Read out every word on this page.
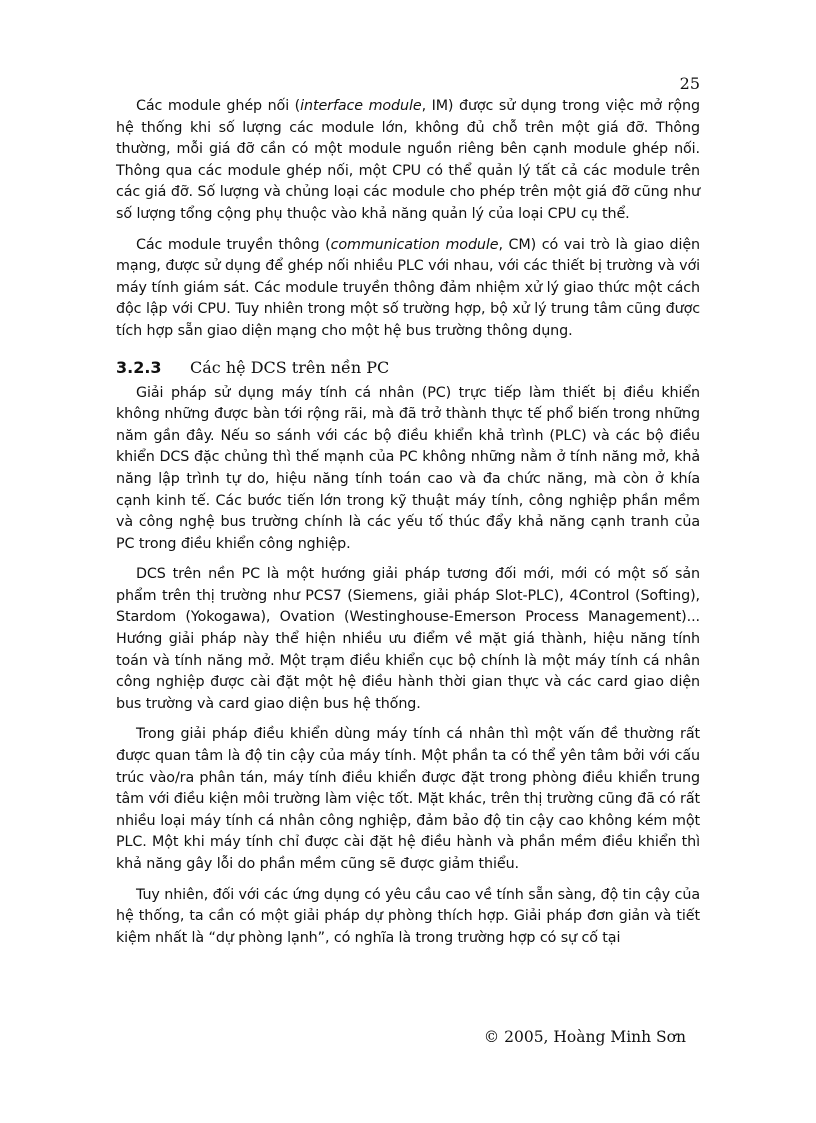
25

Các module ghép nối (interface module, IM) được sử dụng trong việc mở rộng hệ thống khi số lượng các module lớn, không đủ chỗ trên một giá đỡ. Thông thường, mỗi giá đỡ cần có một module nguồn riêng bên cạnh module ghép nối. Thông qua các module ghép nối, một CPU có thể quản lý tất cả các module trên các giá đỡ. Số lượng và chủng loại các module cho phép trên một giá đỡ cũng như số lượng tổng cộng phụ thuộc vào khả năng quản lý của loại CPU cụ thể.

Các module truyền thông (communication module, CM) có vai trò là giao diện mạng, được sử dụng để ghép nối nhiều PLC với nhau, với các thiết bị trường và với máy tính giám sát. Các module truyền thông đảm nhiệm xử lý giao thức một cách độc lập với CPU. Tuy nhiên trong một số trường hợp, bộ xử lý trung tâm cũng được tích hợp sẵn giao diện mạng cho một hệ bus trường thông dụng.

3.2.3	Các hệ DCS trên nền PC

Giải pháp sử dụng máy tính cá nhân (PC) trực tiếp làm thiết bị điều khiển không những được bàn tới rộng rãi, mà đã trở thành thực tế phổ biến trong những năm gần đây. Nếu so sánh với các bộ điều khiển khả trình (PLC) và các bộ điều khiển DCS đặc chủng thì thế mạnh của PC không những nằm ở tính năng mở, khả năng lập trình tự do, hiệu năng tính toán cao và đa chức năng, mà còn ở khía cạnh kinh tế. Các bước tiến lớn trong kỹ thuật máy tính, công nghiệp phần mềm và công nghệ bus trường chính là các yếu tố thúc đẩy khả năng cạnh tranh của PC trong điều khiển công nghiệp.

DCS trên nền PC là một hướng giải pháp tương đối mới, mới có một số sản phẩm trên thị trường như PCS7 (Siemens, giải pháp Slot-PLC), 4Control (Softing), Stardom (Yokogawa), Ovation (Westinghouse-Emerson Process Management)... Hướng giải pháp này thể hiện nhiều ưu điểm về mặt giá thành, hiệu năng tính toán và tính năng mở. Một trạm điều khiển cục bộ chính là một máy tính cá nhân công nghiệp được cài đặt một hệ điều hành thời gian thực và các card giao diện bus trường và card giao diện bus hệ thống.

Trong giải pháp điều khiển dùng máy tính cá nhân thì một vấn đề thường rất được quan tâm là độ tin cậy của máy tính. Một phần ta có thể yên tâm bởi với cấu trúc vào/ra phân tán, máy tính điều khiển được đặt trong phòng điều khiển trung tâm với điều kiện môi trường làm việc tốt. Mặt khác, trên thị trường cũng đã có rất nhiều loại máy tính cá nhân công nghiệp, đảm bảo độ tin cậy cao không kém một PLC. Một khi máy tính chỉ được cài đặt hệ điều hành và phần mềm điều khiển thì khả năng gây lỗi do phần mềm cũng sẽ được giảm thiểu.

Tuy nhiên, đối với các ứng dụng có yêu cầu cao về tính sẵn sàng, độ tin cậy của hệ thống, ta cần có một giải pháp dự phòng thích hợp. Giải pháp đơn giản và tiết kiệm nhất là “dự phòng lạnh”, có nghĩa là trong trường hợp có sự cố tại

© 2005, Hoàng Minh Sơn
